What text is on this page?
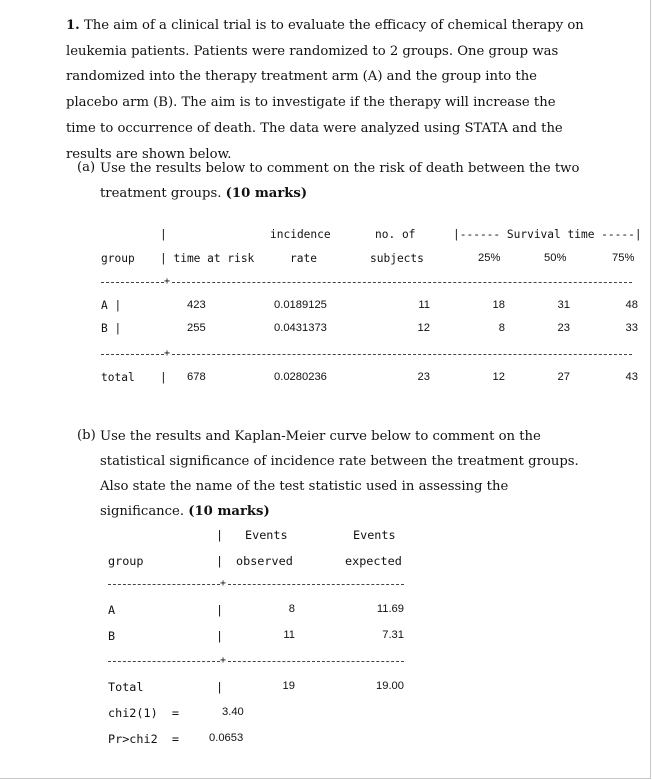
1. The aim of a clinical trial is to evaluate the efficacy of chemical therapy on leukemia patients. Patients were randomized to 2 groups. One group was randomized into the therapy treatment arm (A) and the group into the placebo arm (B). The aim is to investigate if the therapy will increase the time to occurrence of death. The data were analyzed using STATA and the results are shown below.

(a) Use the results below to comment on the risk of death between the two treatment groups. (10 marks)

|	incidence	no. of	|------ Survival time -----|
group | time at risk	rate	subjects	25%	50%	75%
+
A |	423	0.0189125	11	18	31	48
B |	255	0.0431373	12	8	23	33
+
total | 678	0.0280236	23	12	27	43
(b) Use the results and Kaplan-Meier curve below to comment on the statistical significance of incidence rate between the treatment groups. Also state the name of the test statistic used in assessing the significance. (10 marks)

| Events	Events
group	| observed	expected
+
A	|	8	11.69
B	|	11	7.31
+
Total	|	19	19.00
chi2(1)  =	3.40
Pr>chi2  =	0.0653
